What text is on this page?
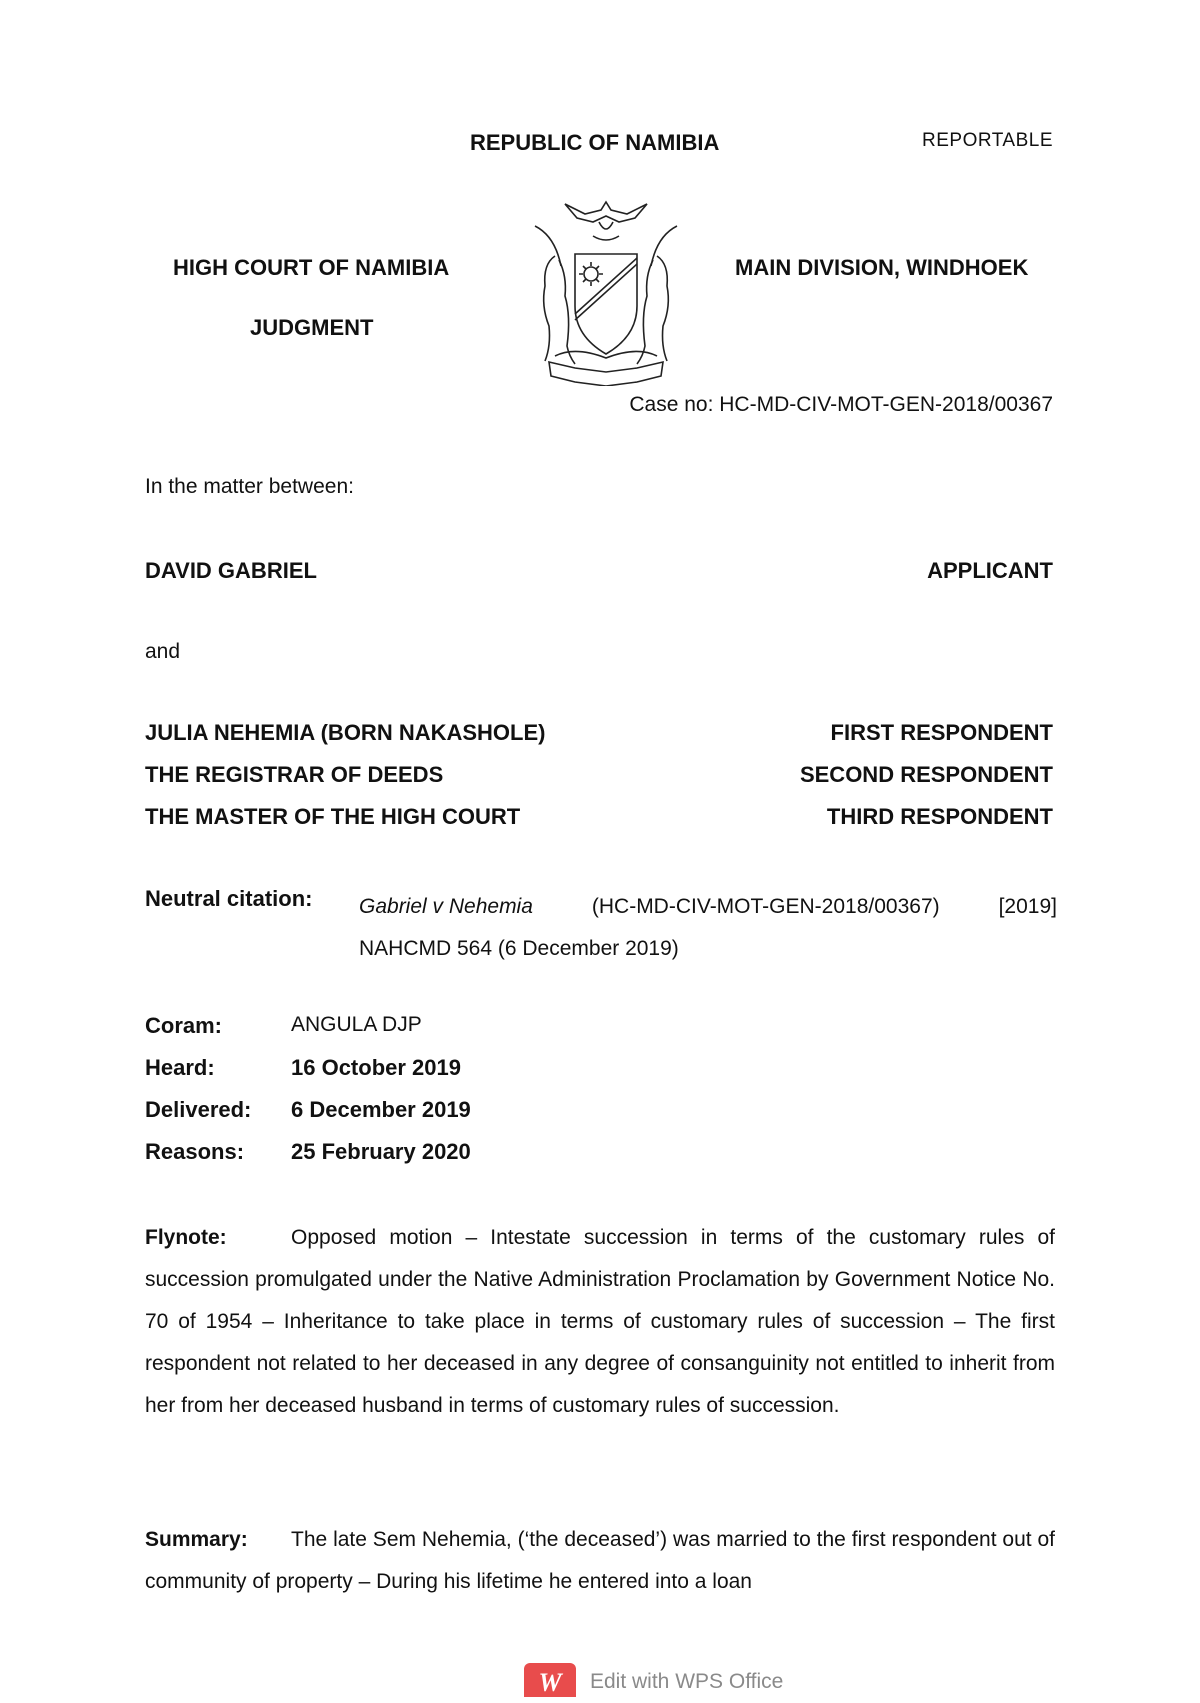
REPUBLIC OF NAMIBIA	REPORTABLE
HIGH COURT OF NAMIBIA	MAIN DIVISION, WINDHOEK
JUDGMENT
Case no: HC-MD-CIV-MOT-GEN-2018/00367
In the matter between:
DAVID GABRIEL	APPLICANT
and
JULIA NEHEMIA (BORN NAKASHOLE)	FIRST RESPONDENT
THE REGISTRAR OF DEEDS	SECOND RESPONDENT
THE MASTER OF THE HIGH COURT	THIRD RESPONDENT
Neutral citation: Gabriel v Nehemia	(HC-MD-CIV-MOT-GEN-2018/00367)	[2019]
NAHCMD 564 (6 December 2019)
Coram:	ANGULA DJP
Heard:	16 October 2019
Delivered: 6 December 2019
Reasons: 25 February 2020
Flynote:	Opposed motion – Intestate succession in terms of the customary rules of succession promulgated under the Native Administration Proclamation by Government Notice No. 70 of 1954 – Inheritance to take place in terms of customary rules of succession – The first respondent not related to her deceased in any degree of consanguinity not entitled to inherit from her from her deceased husband in terms of customary rules of succession.
Summary: The late Sem Nehemia, (‘the deceased’) was married to the first respondent out of community of property – During his lifetime he entered into a loan
W	Edit with WPS Office
